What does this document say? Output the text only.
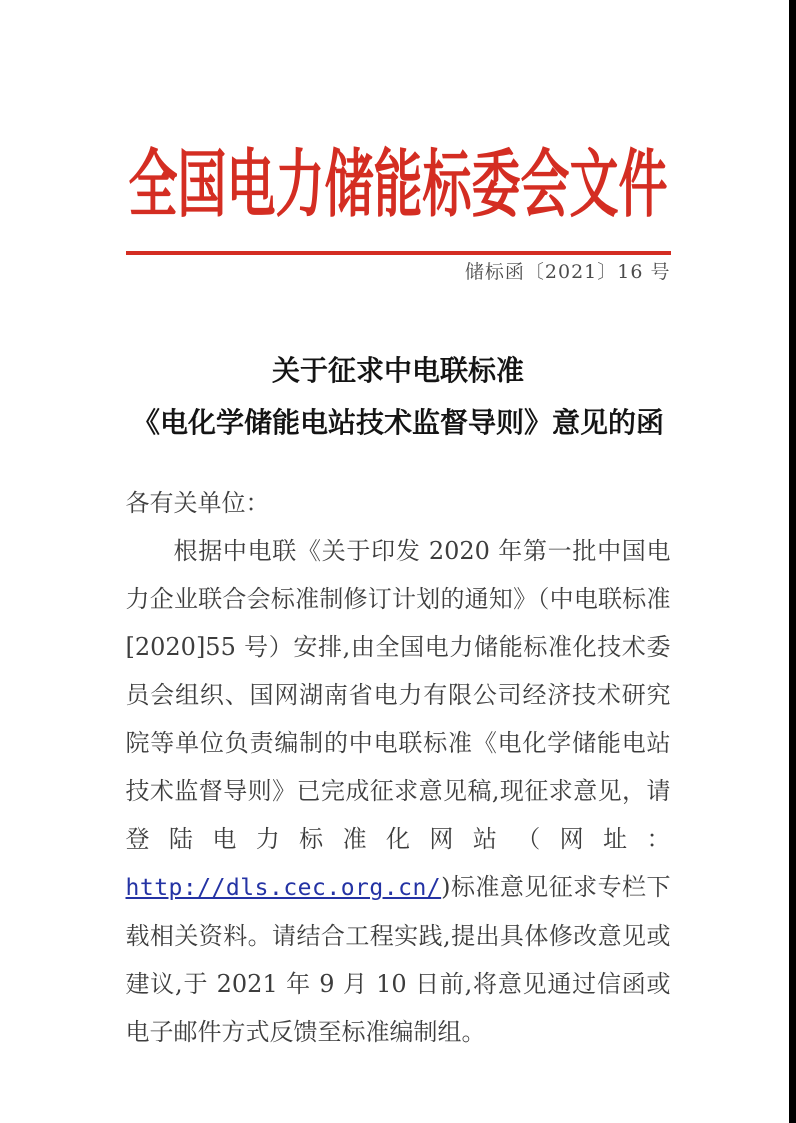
全国电力储能标委会文件
储标函〔2021〕16 号
关于征求中电联标准
《电化学储能电站技术监督导则》意见的函
各有关单位：

根据中电联《关于印发 2020 年第一批中国电力企业联合会标准制修订计划的通知》（中电联标准[2020]55 号）安排,由全国电力储能标准化技术委员会组织、国网湖南省电力有限公司经济技术研究院等单位负责编制的中电联标准《电化学储能电站技术监督导则》已完成征求意见稿,现征求意见，请登陆电力标准化网站（网址：http://dls.cec.org.cn/)标准意见征求专栏下载相关资料。请结合工程实践,提出具体修改意见或建议,于 2021 年 9 月 10 日前,将意见通过信函或电子邮件方式反馈至标准编制组。
